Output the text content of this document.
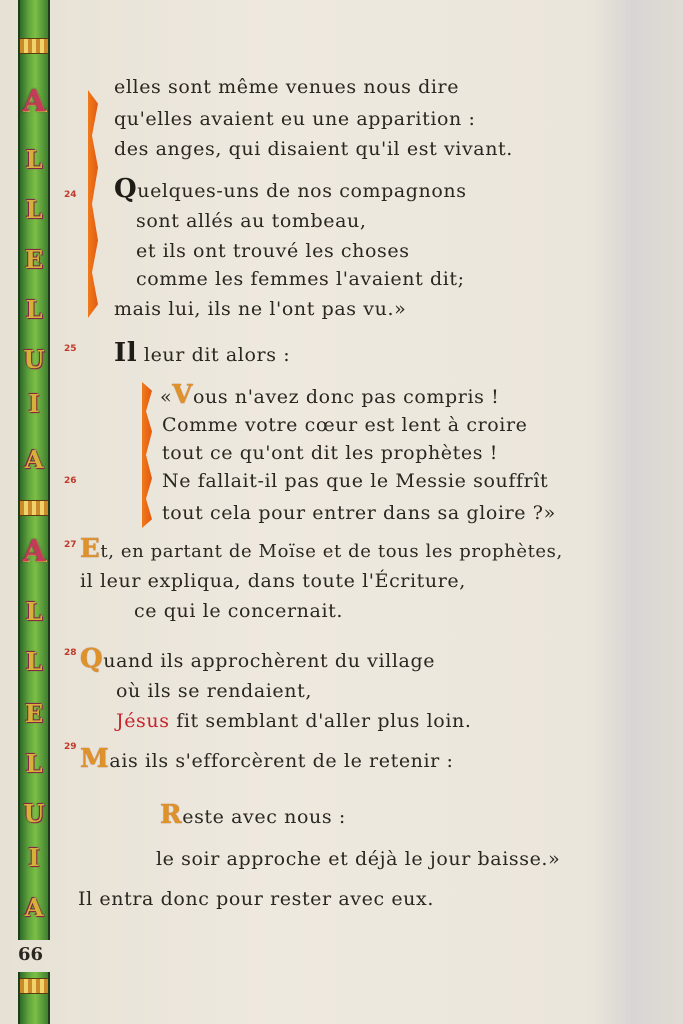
A
L
L
E
L
U
I
A
A
L
L
E
L
U
I
A
66
24
25
26
27
28
29
elles sont même venues nous dire
qu'elles avaient eu une apparition :
des anges, qui disaient qu'il est vivant.
Quelques-uns de nos compagnons
sont allés au tombeau,
et ils ont trouvé les choses
comme les femmes l'avaient dit;
mais lui, ils ne l'ont pas vu.»
Il leur dit alors :
«Vous n'avez donc pas compris !
Comme votre cœur est lent à croire
tout ce qu'ont dit les prophètes !
Ne fallait-il pas que le Messie souffrît
tout cela pour entrer dans sa gloire ?»
Et, en partant de Moïse et de tous les prophètes,
il leur expliqua, dans toute l'Écriture,
ce qui le concernait.
Quand ils approchèrent du village
où ils se rendaient,
Jésus fit semblant d'aller plus loin.
Mais ils s'efforcèrent de le retenir :
Reste avec nous :
le soir approche et déjà le jour baisse.»
Il entra donc pour rester avec eux.
